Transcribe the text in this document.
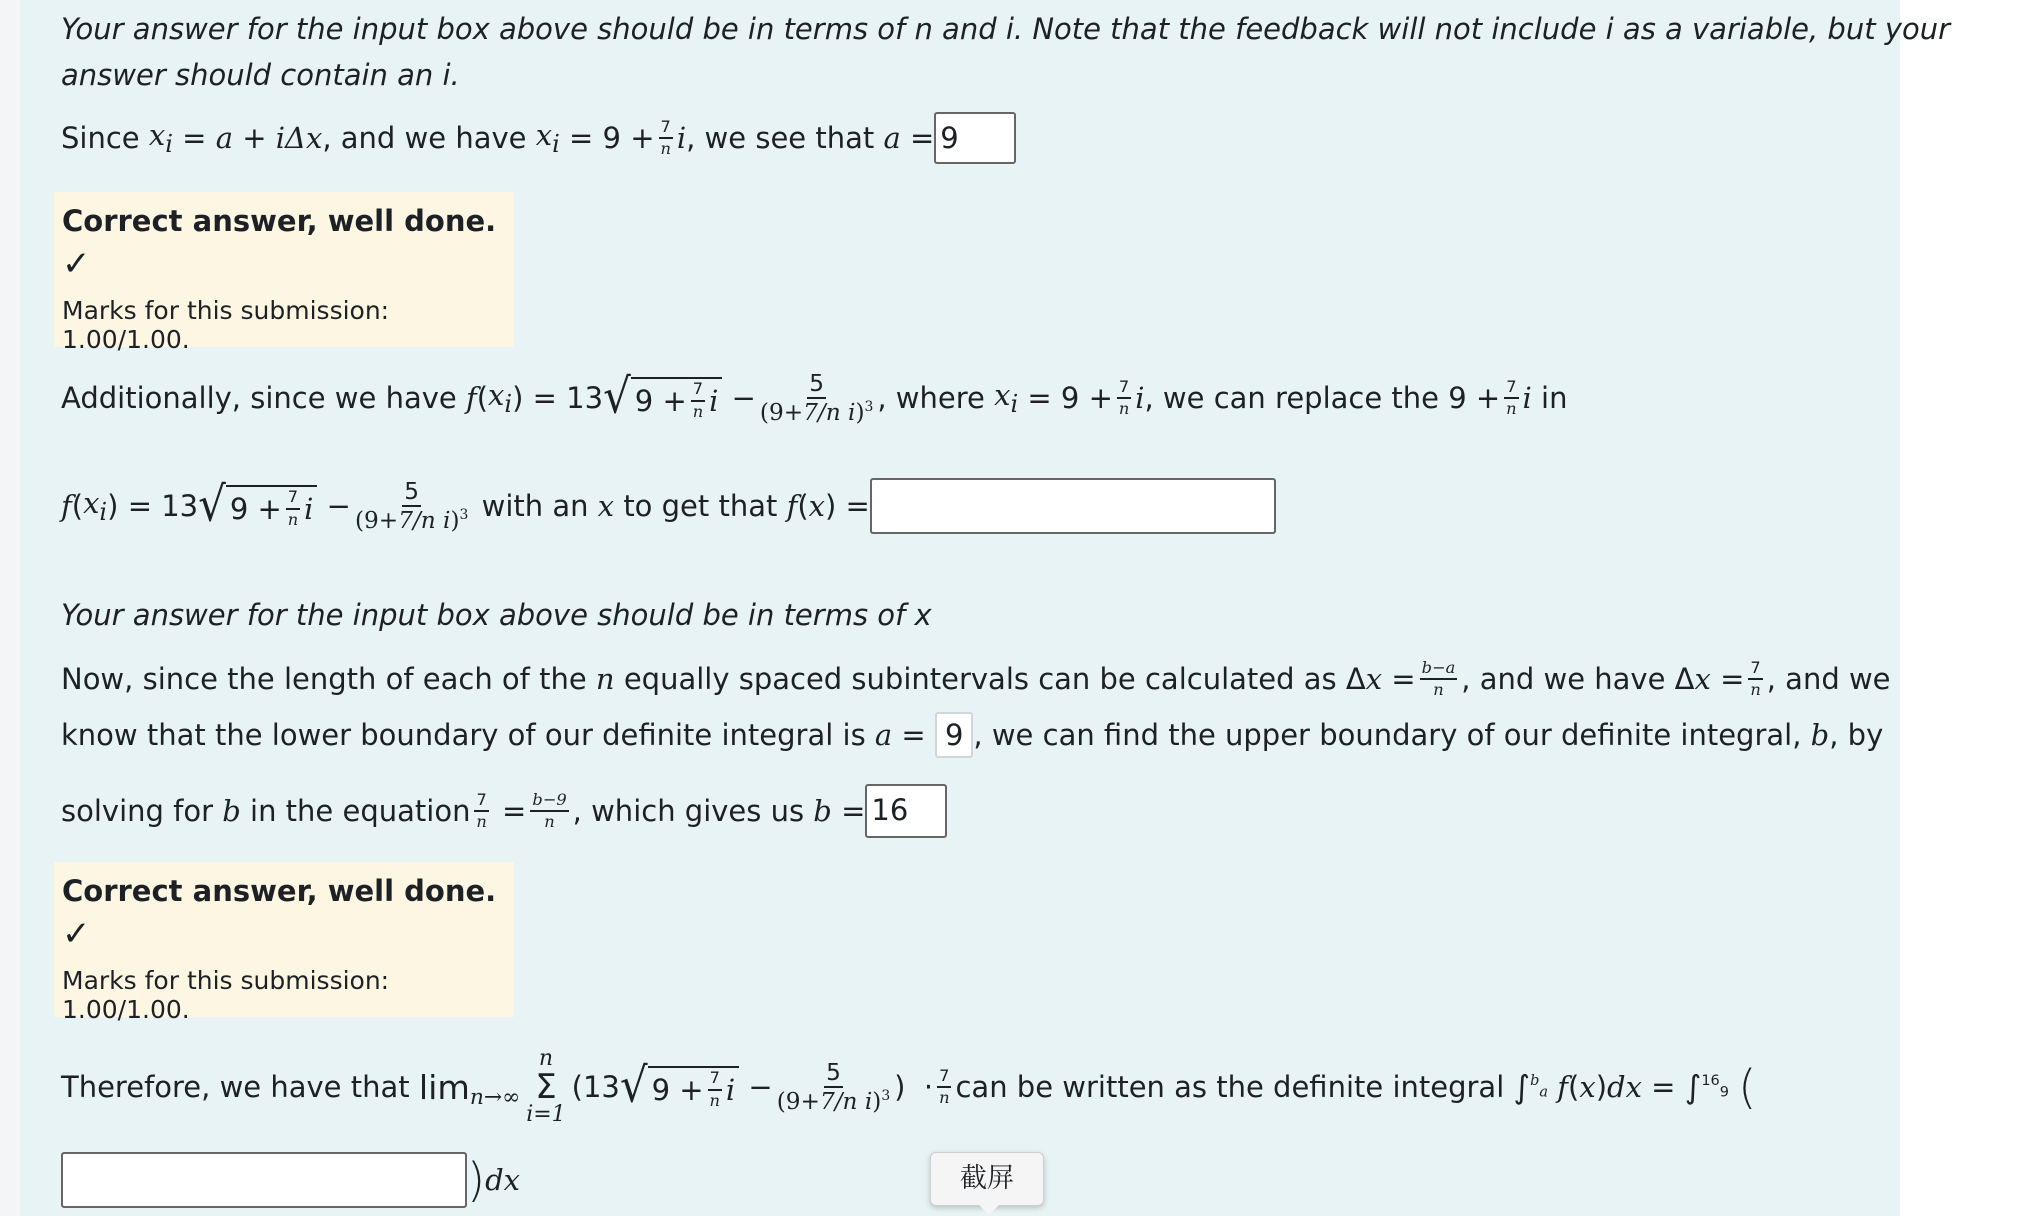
Your answer for the input box above should be in terms of n and i. Note that the feedback will not include i as a variable, but your
answer should contain an i.
Since
$x_i = a + i\Delta x$ , and we have
$x_i = 9 + \frac{7}{n}$ i , we see that
a = 9
Correct answer, well done.
✓
Marks for this submission: 1.00/1.00.
Additionally, since we have
f ( $x_i$ ) = 13 √ $9 + \frac{7}{n}$ $i - \frac{5}{(9+7/n i)^3}$ , where
$x_i = 9 + \frac{7}{n}$ i , we can replace the $9 + \frac{7}{n}$ i
in
f ( $x_i$ ) = 13 √ $9 + \frac{7}{n}$ $i - \frac{5}{(9+7/n i)^3}$
with an
x
to get that
f ( x ) =
Your answer for the input box above should be in terms of x
Now, since the length of each of the
n
equally spaced subintervals can be calculated as Δ $x = \frac{b-a}{n}$ , and we have Δ $x = \frac{7}{n}$ , and we
know that the lower boundary of our definite integral is
a = 9 , we can find the upper boundary of our definite integral,
b , by
solving for
b
in the equation $\frac{7}{n} = \frac{b-9}{n}$ , which gives us
b = 16
Correct answer, well done.
✓
Marks for this submission: 1.00/1.00.
Therefore, we have that
lim n→∞
n
Σ
i=1
(13 √ $9 + \frac{7}{n}$ $i - \frac{5}{(9+7/n i)^3}$ )  · $\frac{7}{n}$ can be written as the definite integral
∫ $^b_a$
f ( x ) dx = ∫ $^{16}_9$
(
) dx	截屏
